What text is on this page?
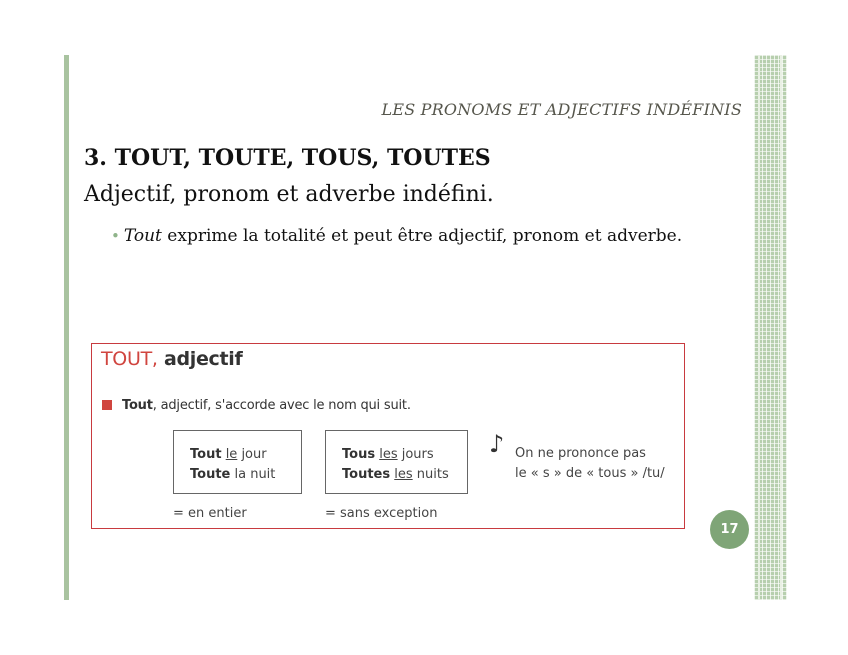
LES PRONOMS ET ADJECTIFS INDÉFINIS
3. TOUT, TOUTE, TOUS, TOUTES
Adjectif, pronom et adverbe indéfini.
• Tout exprime la totalité et peut être adjectif, pronom et adverbe.
TOUT, adjectif
Tout, adjectif, s'accorde avec le nom qui suit.
Tout le jour
Toute la nuit
Tous les jours
Toutes les nuits
♪ On ne prononce pas
le « s » de « tous » /tu/
= en entier	= sans exception
17
